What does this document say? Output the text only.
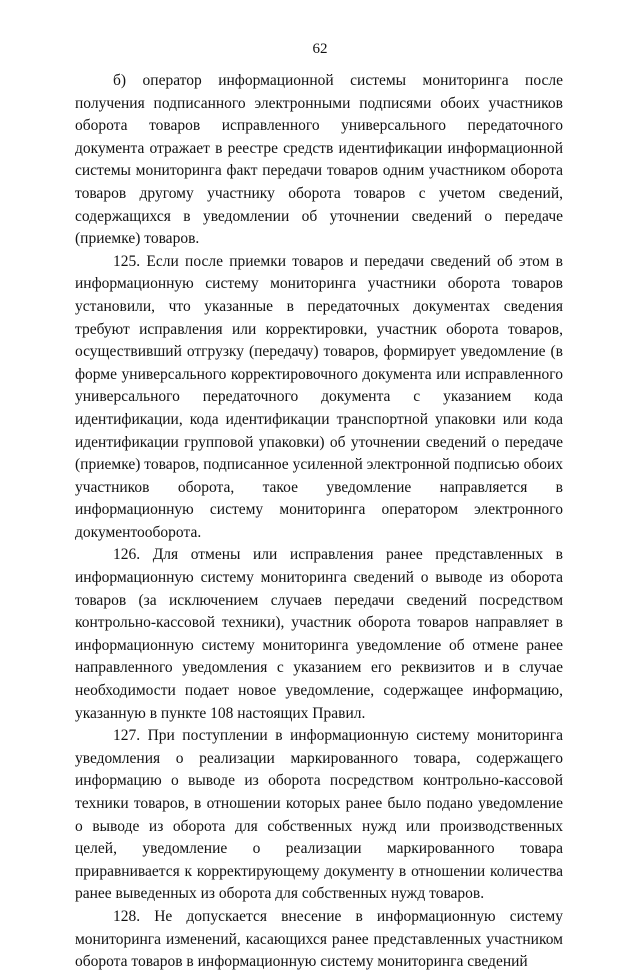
62

б) оператор информационной системы мониторинга после получения подписанного электронными подписями обоих участников оборота товаров исправленного универсального передаточного документа отражает в реестре средств идентификации информационной системы мониторинга факт передачи товаров одним участником оборота товаров другому участнику оборота товаров с учетом сведений, содержащихся в уведомлении об уточнении сведений о передаче (приемке) товаров.

125. Если после приемки товаров и передачи сведений об этом в информационную систему мониторинга участники оборота товаров установили, что указанные в передаточных документах сведения требуют исправления или корректировки, участник оборота товаров, осуществивший отгрузку (передачу) товаров, формирует уведомление (в форме универсального корректировочного документа или исправленного универсального передаточного документа с указанием кода идентификации, кода идентификации транспортной упаковки или кода идентификации групповой упаковки) об уточнении сведений о передаче (приемке) товаров, подписанное усиленной электронной подписью обоих участников оборота, такое уведомление направляется в информационную систему мониторинга оператором электронного документооборота.

126. Для отмены или исправления ранее представленных в информационную систему мониторинга сведений о выводе из оборота товаров (за исключением случаев передачи сведений посредством контрольно-кассовой техники), участник оборота товаров направляет в информационную систему мониторинга уведомление об отмене ранее направленного уведомления с указанием его реквизитов и в случае необходимости подает новое уведомление, содержащее информацию, указанную в пункте 108 настоящих Правил.

127. При поступлении в информационную систему мониторинга уведомления о реализации маркированного товара, содержащего информацию о выводе из оборота посредством контрольно-кассовой техники товаров, в отношении которых ранее было подано уведомление о выводе из оборота для собственных нужд или производственных целей, уведомление о реализации маркированного товара приравнивается к корректирующему документу в отношении количества ранее выведенных из оборота для собственных нужд товаров.

128. Не допускается внесение в информационную систему мониторинга изменений, касающихся ранее представленных участником оборота товаров в информационную систему мониторинга сведений
